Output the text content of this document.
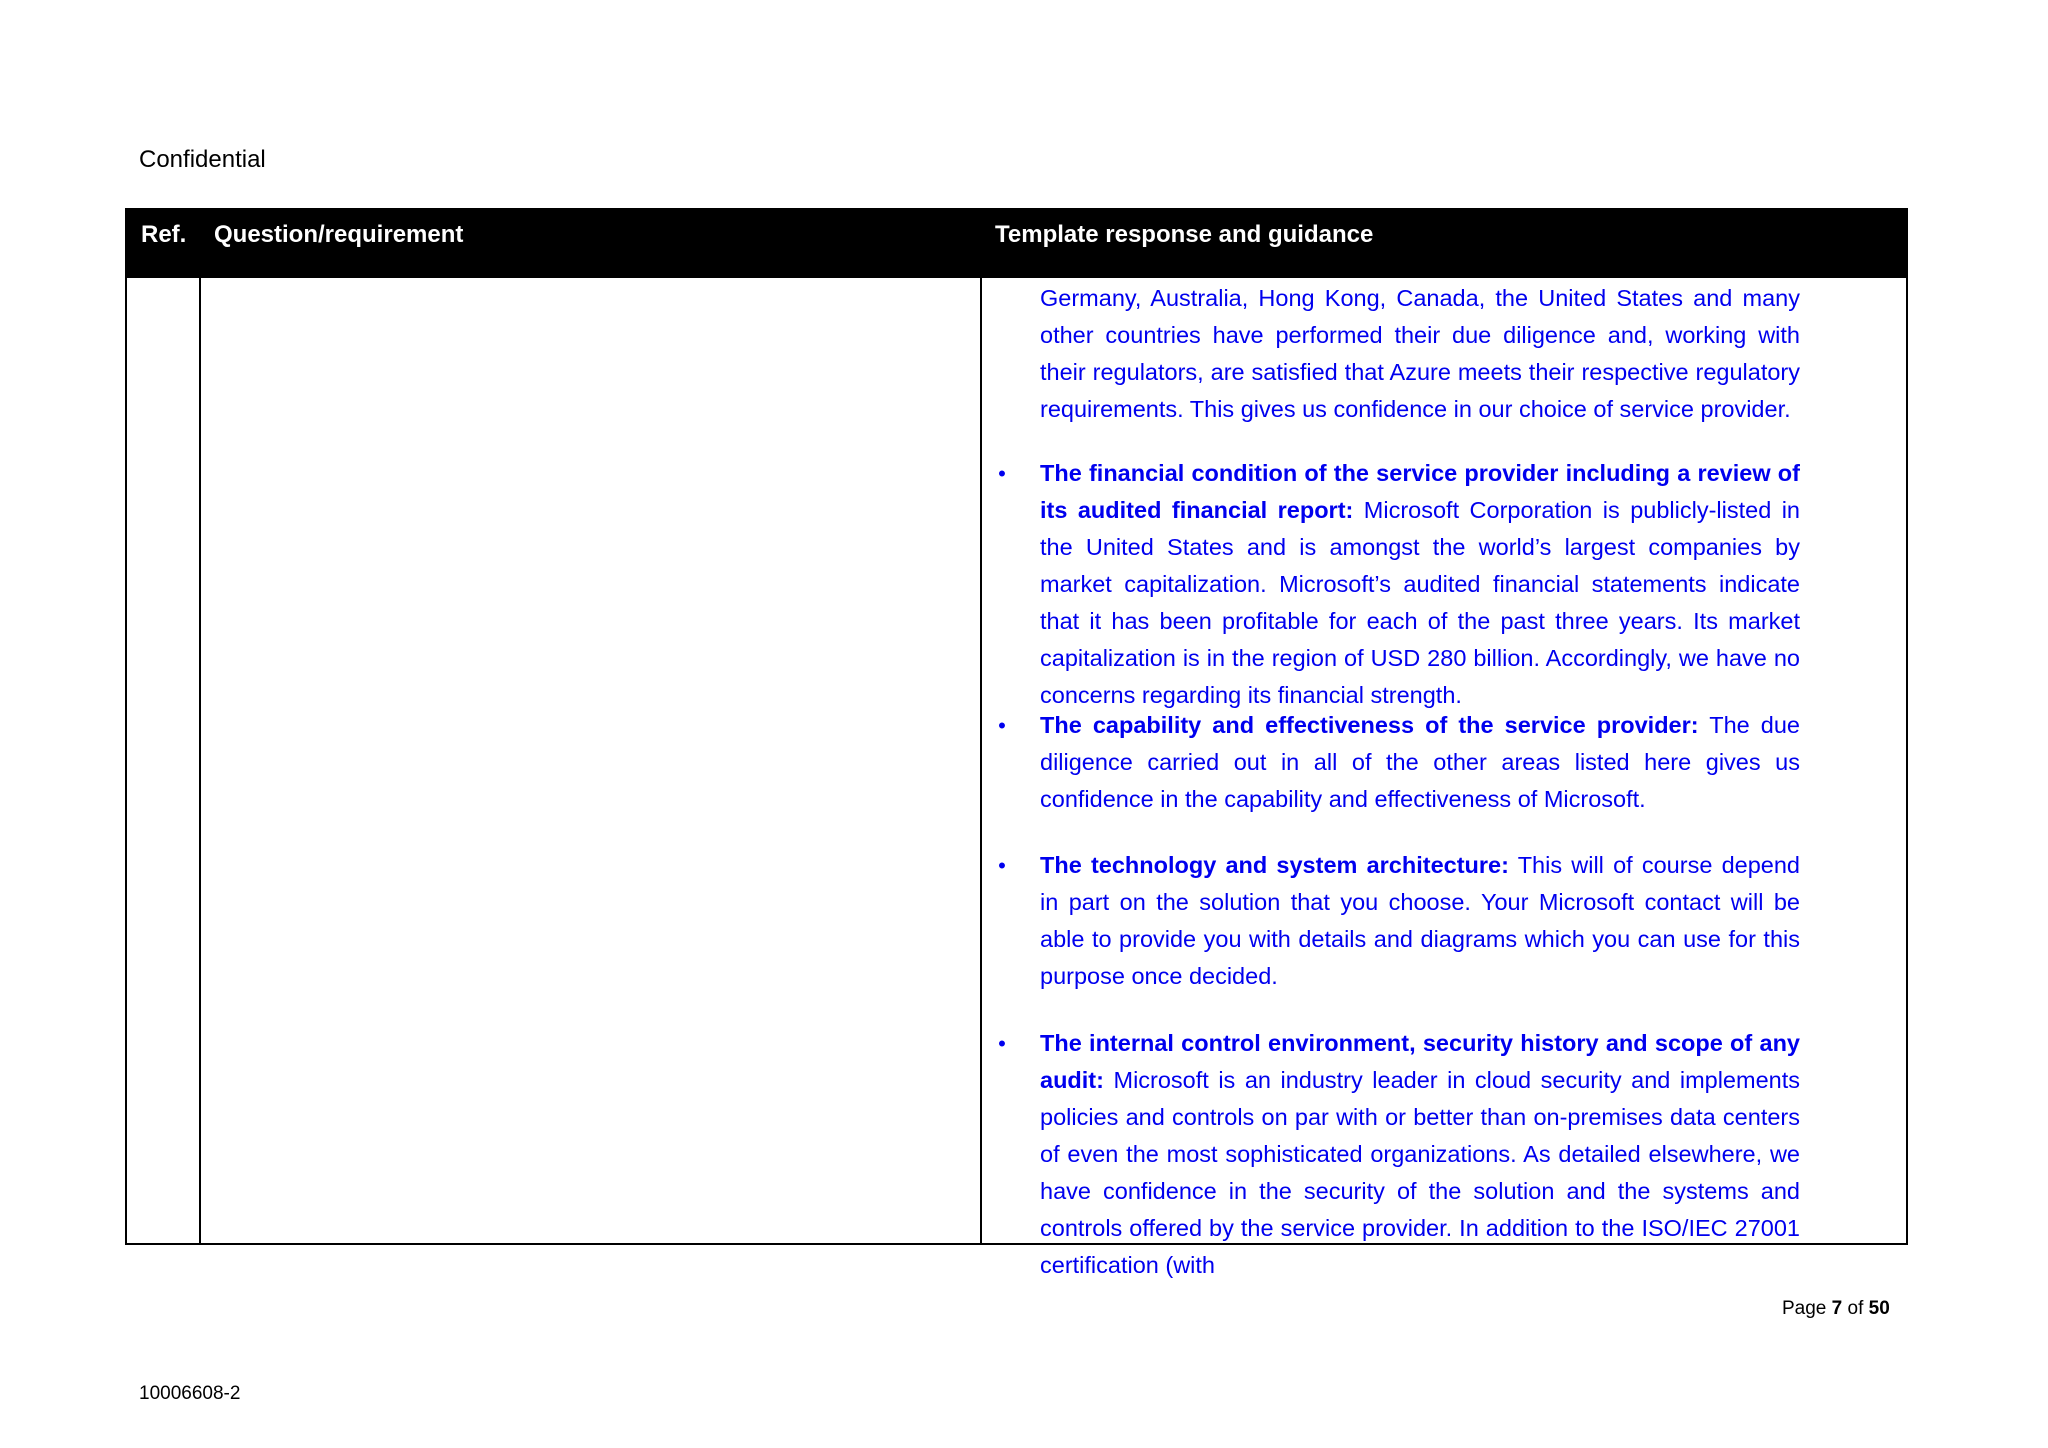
Confidential
Ref. Question/requirement	Template response and guidance

Germany, Australia, Hong Kong, Canada, the United States and many other countries have performed their due diligence and, working with their regulators, are satisfied that Azure meets their respective regulatory requirements. This gives us confidence in our choice of service provider.

• The financial condition of the service provider including a review of its audited financial report: Microsoft Corporation is publicly-listed in the United States and is amongst the world’s largest companies by market capitalization. Microsoft’s audited financial statements indicate that it has been profitable for each of the past three years. Its market capitalization is in the region of USD 280 billion. Accordingly, we have no concerns regarding its financial strength.

• The capability and effectiveness of the service provider: The due diligence carried out in all of the other areas listed here gives us confidence in the capability and effectiveness of Microsoft.

• The technology and system architecture: This will of course depend in part on the solution that you choose. Your Microsoft contact will be able to provide you with details and diagrams which you can use for this purpose once decided.

• The internal control environment, security history and scope of any audit: Microsoft is an industry leader in cloud security and implements policies and controls on par with or better than on-premises data centers of even the most sophisticated organizations. As detailed elsewhere, we have confidence in the security of the solution and the systems and controls offered by the service provider. In addition to the ISO/IEC 27001 certification (with

Page 7 of 50
10006608-2
